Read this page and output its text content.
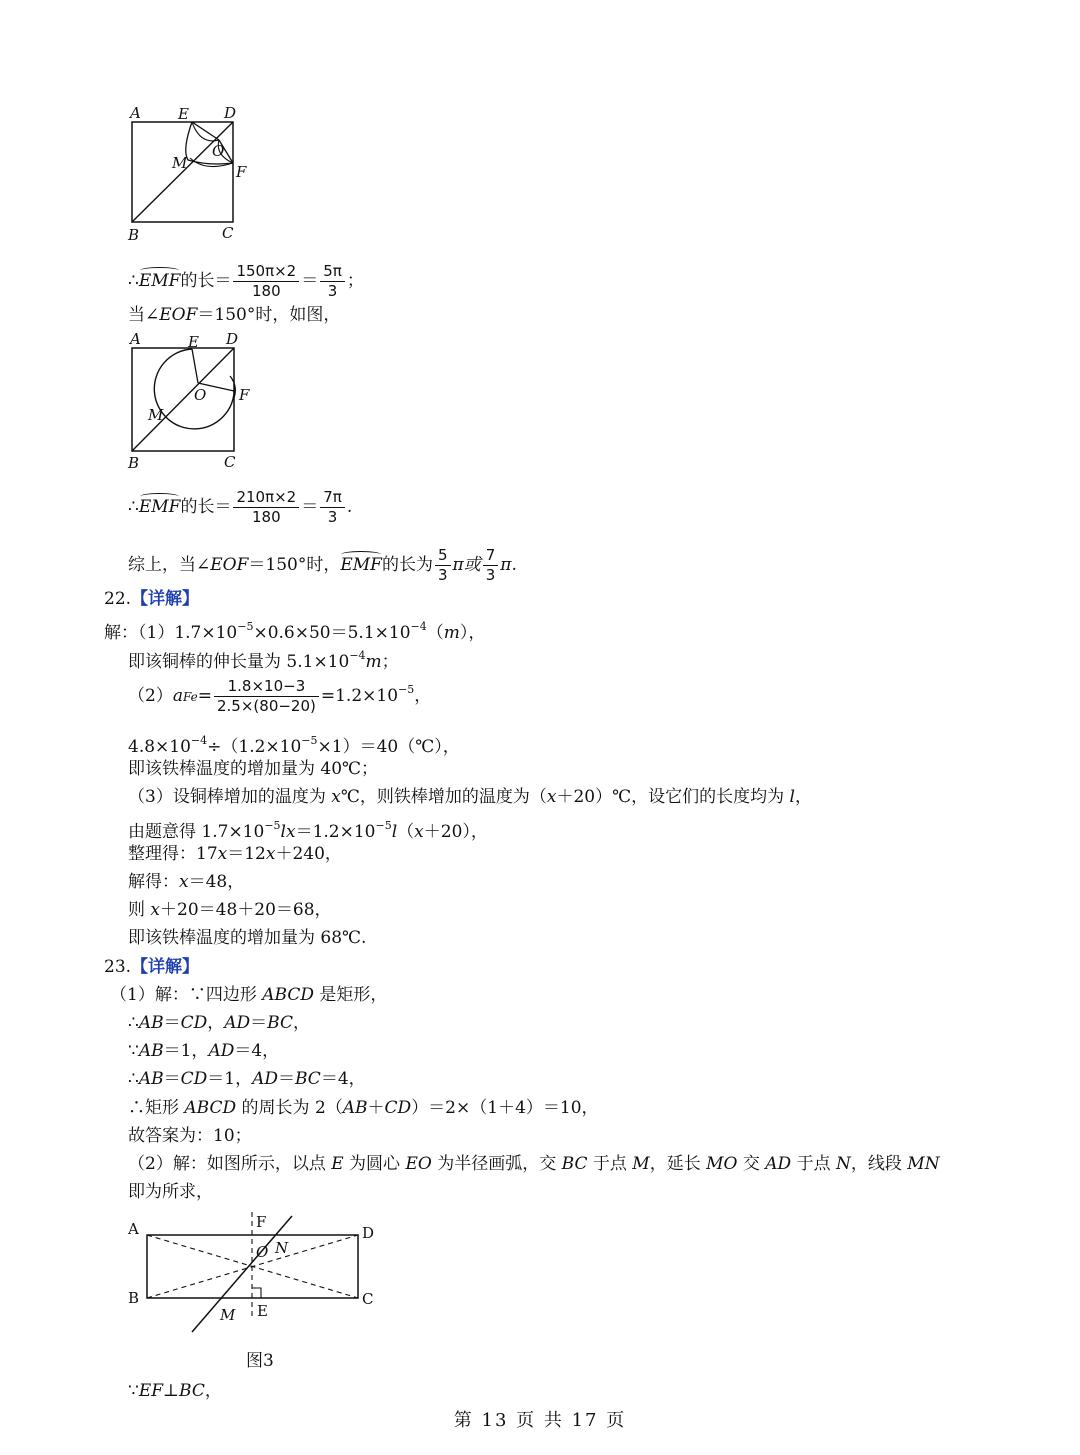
A E D
M
O
F
B	C
∴EMF的长＝ $\frac{150\pi\times 2}{180} = \frac{5\pi}{3}$ ；
当∠EOF＝150°时，如图，
A	E D
O F
M
B	C
∴EMF的长＝ $\frac{210\pi\times 2}{180} = \frac{7\pi}{3}$ .
综上，当∠EOF＝150°时，EMF的长为 $\frac{5}{3}$ π或 $\frac{7}{3} \pi$.
22.【详解】
解：$(1)1.7\times 10^{-5}\times 0.6\times 50=5.1\times 10^{-4}(m)$，
即该铜棒的伸长量为 $5.1\times 10^{-4}m$；
$(2)aFe= \frac{1.8\times 10-3}{2.5\times(80-20)} =1.2\times 10^{-5}$，
$4.8\times 10^{-4}\div(1.2\times 10^{-5}\times 1)=40(℃)$，
即该铁棒温度的增加量为 40℃；
（3）设铜棒增加的温度为 x℃，则铁棒增加的温度为（x＋20）℃，设它们的长度均为 l，
由题意得 $1.7\times 10^{-5}lx=1.2\times 10^{-5}l(x+20)$，
整理得：17x＝12x＋240，
解得：x＝48，
则 x＋20＝48＋20＝68，
即该铁棒温度的增加量为 68℃.
23.【详解】
（1）解：∵四边形 ABCD 是矩形，
∴AB＝CD，AD＝BC，
∵AB＝1，AD＝4，
∴AB＝CD＝1，AD＝BC＝4，
∴矩形 ABCD 的周长为 2（AB＋CD）＝2×（1＋4）＝10，
故答案为：10；
（2）解：如图所示，以点 E 为圆心 EO 为半径画弧，交 BC 于点 M，延长 MO 交 AD 于点 N，线段 MN
即为所求，
A	F
D
O N
B	C
M E
图3
∵EF⊥BC，
第 13 页 共 17 页
